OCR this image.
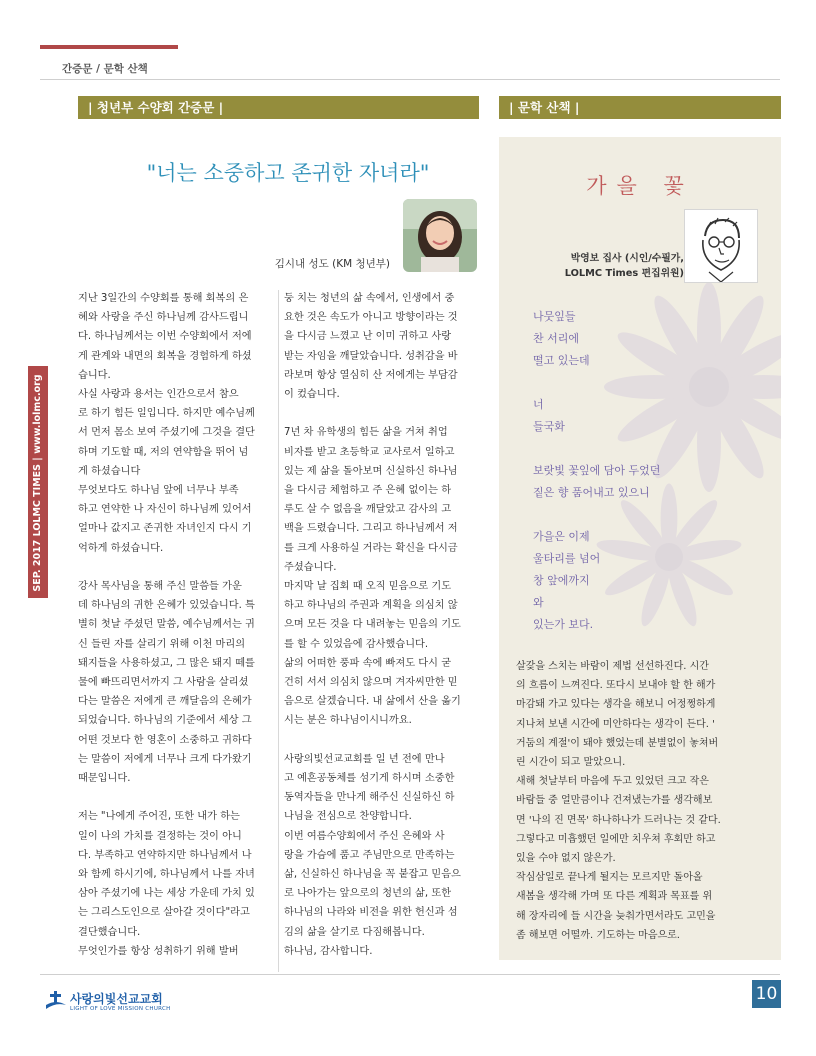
간증문 / 문학 산책
| 청년부 수양회 간증문 |	| 문학 산책 |
"너는 소중하고 존귀한 자녀라"
김시내 성도 (KM 청년부)

지난 3일간의 수양회를 통해 회복의 은

혜와 사랑을 주신 하나님께 감사드립니

다. 하나님께서는 이번 수양회에서 저에

게 관계와 내면의 회복을 경험하게 하셨

습니다.

사실 사랑과 용서는 인간으로서 참으

로 하기 힘든 일입니다. 하지만 예수님께

서 먼저 몸소 보여 주셨기에 그것을 결단

하며 기도할 때, 저의 연약함을 뛰어 넘

게 하셨습니다

무엇보다도 하나님 앞에 너무나 부족

하고 연약한 나 자신이 하나님께 있어서

얼마나 값지고 존귀한 자녀인지 다시 기

억하게 하셨습니다.

강사 목사님을 통해 주신 말씀들 가운

데 하나님의 귀한 은혜가 있었습니다. 특

별히 첫날 주셨던 말씀, 예수님께서는 귀

신 들린 자를 살리기 위해 이천 마리의

돼지들을 사용하셨고, 그 많은 돼지 떼를

물에 빠뜨리면서까지 그 사람을 살리셨

다는 말씀은 저에게 큰 깨달음의 은혜가

되었습니다. 하나님의 기준에서 세상 그

어떤 것보다 한 영혼이 소중하고 귀하다

는 말씀이 저에게 너무나 크게 다가왔기

때문입니다.

저는 "나에게 주어진, 또한 내가 하는

일이 나의 가치를 결정하는 것이 아니

다. 부족하고 연약하지만 하나님께서 나

와 함께 하시기에, 하나님께서 나를 자녀

삼아 주셨기에 나는 세상 가운데 가치 있

는 그리스도인으로 살아갈 것이다"라고

결단했습니다.

무엇인가를 항상 성취하기 위해 발버

둥 치는 청년의 삶 속에서, 인생에서 중

요한 것은 속도가 아니고 방향이라는 것

을 다시금 느꼈고 난 이미 귀하고 사랑

받는 자임을 깨달았습니다. 성취감을 바

라보며 항상 열심히 산 저에게는 부담감

이 컸습니다.

7년 차 유학생의 힘든 삶을 거쳐 취업

비자를 받고 초등학교 교사로서 일하고

있는 제 삶을 돌아보며 신실하신 하나님

을 다시금 체험하고 주 은혜 없이는 하

루도 살 수 없음을 깨달았고 감사의 고

백을 드렸습니다. 그리고 하나님께서 저

를 크게 사용하실 거라는 확신을 다시금

주셨습니다.

마지막 날 집회 때 오직 믿음으로 기도

하고 하나님의 주권과 계획을 의심치 않

으며 모든 것을 다 내려놓는 믿음의 기도

를 할 수 있었음에 감사했습니다.

삶의 어떠한 풍파 속에 빠져도 다시 굳

건히 서서 의심치 않으며 겨자씨만한 믿

음으로 살겠습니다. 내 삶에서 산을 옮기

시는 분은 하나님이시니까요.

사랑의빛선교교회를 일 년 전에 만나

고 예흔공동체를 섬기게 하시며 소중한

동역자들을 만나게 해주신 신실하신 하

나님을 전심으로 찬양합니다.

이번 여름수양회에서 주신 은혜와 사

랑을 가슴에 품고 주님만으로 만족하는

삶, 신실하신 하나님을 꼭 붙잡고 믿음으

로 나아가는 앞으로의 청년의 삶, 또한

하나님의 나라와 비전을 위한 헌신과 섬

김의 삶을 살기로 다짐해봅니다.

하나님, 감사합니다.

SEP. 2017 LOLMC TIMES | www.lolmc.org
가을 꽃
박영보 집사 (시인/수필가,
LOLMC Times 편집위원)

나뭇잎들

찬 서리에

떨고 있는데

너

들국화

보랏빛 꽃잎에 담아 두었던

짙은 향 품어내고 있으니

가을은 이제

울타리를 넘어

창 앞에까지

와

있는가 보다.

살갗을 스치는 바람이 제법 선선하진다. 시간

의 흐름이 느껴진다. 또다시 보내야 할 한 해가

마감돼 가고 있다는 생각을 해보니 어정쩡하게

지나쳐 보낸 시간에 미안하다는 생각이 든다. '

거둠의 계절'이 돼야 했었는데 분별없이 놓쳐버

린 시간이 되고 말았으니.

새해 첫날부터 마음에 두고 있었던 크고 작은

바람들 중 얼만큼이나 건져냈는가를 생각해보

면 '나의 진 면목' 하나하나가 드러나는 것 같다.

그렇다고 미흡했던 일에만 치우쳐 후회만 하고

있을 수야 없지 않은가.

작심삼일로 끝나게 될지는 모르지만 돌아올

새봄을 생각해 가며 또 다른 계획과 목표를 위

해 장자리에 들 시간을 늦춰가면서라도 고민을

좀 해보면 어떨까. 기도하는 마음으로.

사랑의빛선교교회
LIGHT OF LOVE MISSION CHURCH
10
